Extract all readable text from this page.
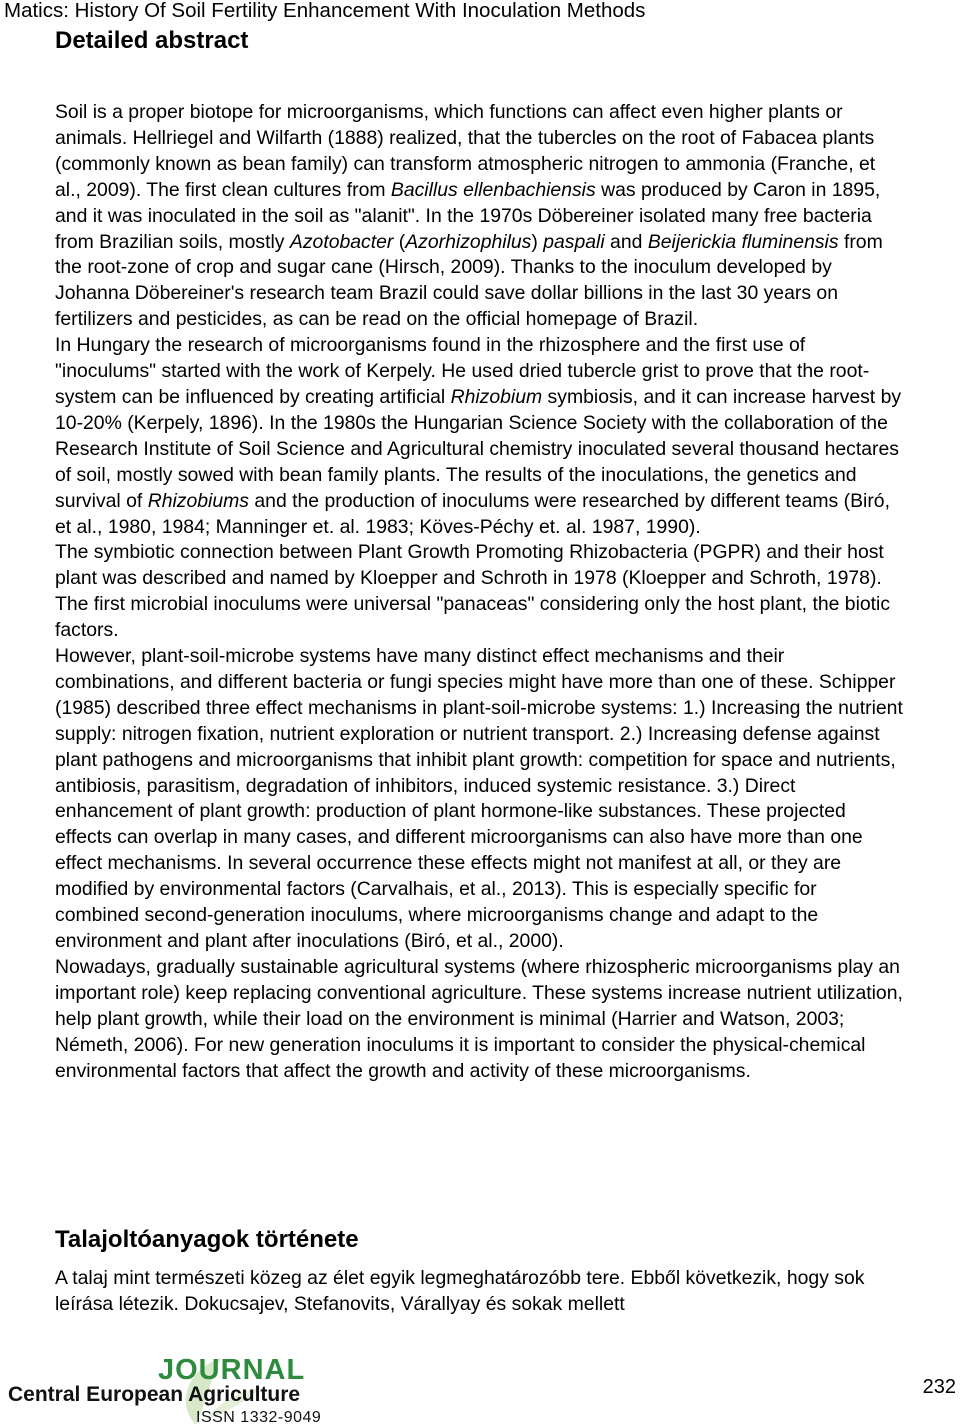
Matics: History Of Soil Fertility Enhancement With Inoculation Methods
Detailed abstract

Soil is a proper biotope for microorganisms, which functions can affect even higher plants or animals. Hellriegel and Wilfarth (1888) realized, that the tubercles on the root of Fabacea plants (commonly known as bean family) can transform atmospheric nitrogen to ammonia (Franche, et al., 2009). The first clean cultures from Bacillus ellenbachiensis was produced by Caron in 1895, and it was inoculated in the soil as "alanit". In the 1970s Döbereiner isolated many free bacteria from Brazilian soils, mostly Azotobacter (Azorhizophilus) paspali and Beijerickia fluminensis from the root-zone of crop and sugar cane (Hirsch, 2009). Thanks to the inoculum developed by Johanna Döbereiner's research team Brazil could save dollar billions in the last 30 years on fertilizers and pesticides, as can be read on the official homepage of Brazil.

In Hungary the research of microorganisms found in the rhizosphere and the first use of "inoculums" started with the work of Kerpely. He used dried tubercle grist to prove that the root-system can be influenced by creating artificial Rhizobium symbiosis, and it can increase harvest by 10-20% (Kerpely, 1896). In the 1980s the Hungarian Science Society with the collaboration of the Research Institute of Soil Science and Agricultural chemistry inoculated several thousand hectares of soil, mostly sowed with bean family plants. The results of the inoculations, the genetics and survival of Rhizobiums and the production of inoculums were researched by different teams (Biró, et al., 1980, 1984; Manninger et. al. 1983; Köves-Péchy et. al. 1987, 1990).

The symbiotic connection between Plant Growth Promoting Rhizobacteria (PGPR) and their host plant was described and named by Kloepper and Schroth in 1978 (Kloepper and Schroth, 1978). The first microbial inoculums were universal "panaceas" considering only the host plant, the biotic factors.

However, plant-soil-microbe systems have many distinct effect mechanisms and their combinations, and different bacteria or fungi species might have more than one of these. Schipper (1985) described three effect mechanisms in plant-soil-microbe systems: 1.) Increasing the nutrient supply: nitrogen fixation, nutrient exploration or nutrient transport. 2.) Increasing defense against plant pathogens and microorganisms that inhibit plant growth: competition for space and nutrients, antibiosis, parasitism, degradation of inhibitors, induced systemic resistance. 3.) Direct enhancement of plant growth: production of plant hormone-like substances. These projected effects can overlap in many cases, and different microorganisms can also have more than one effect mechanisms. In several occurrence these effects might not manifest at all, or they are modified by environmental factors (Carvalhais, et al., 2013). This is especially specific for combined second-generation inoculums, where microorganisms change and adapt to the environment and plant after inoculations (Biró, et al., 2000).

Nowadays, gradually sustainable agricultural systems (where rhizospheric microorganisms play an important role) keep replacing conventional agriculture. These systems increase nutrient utilization, help plant growth, while their load on the environment is minimal (Harrier and Watson, 2003; Németh, 2006). For new generation inoculums it is important to consider the physical-chemical environmental factors that affect the growth and activity of these microorganisms.

Talajoltóanyagok története

A talaj mint természeti közeg az élet egyik legmeghatározóbb tere. Ebből következik, hogy sok leírása létezik. Dokucsajev, Stefanovits, Várallyay és sokak mellett

JOURNAL
Central European Agriculture
ISSN 1332-9049
232
